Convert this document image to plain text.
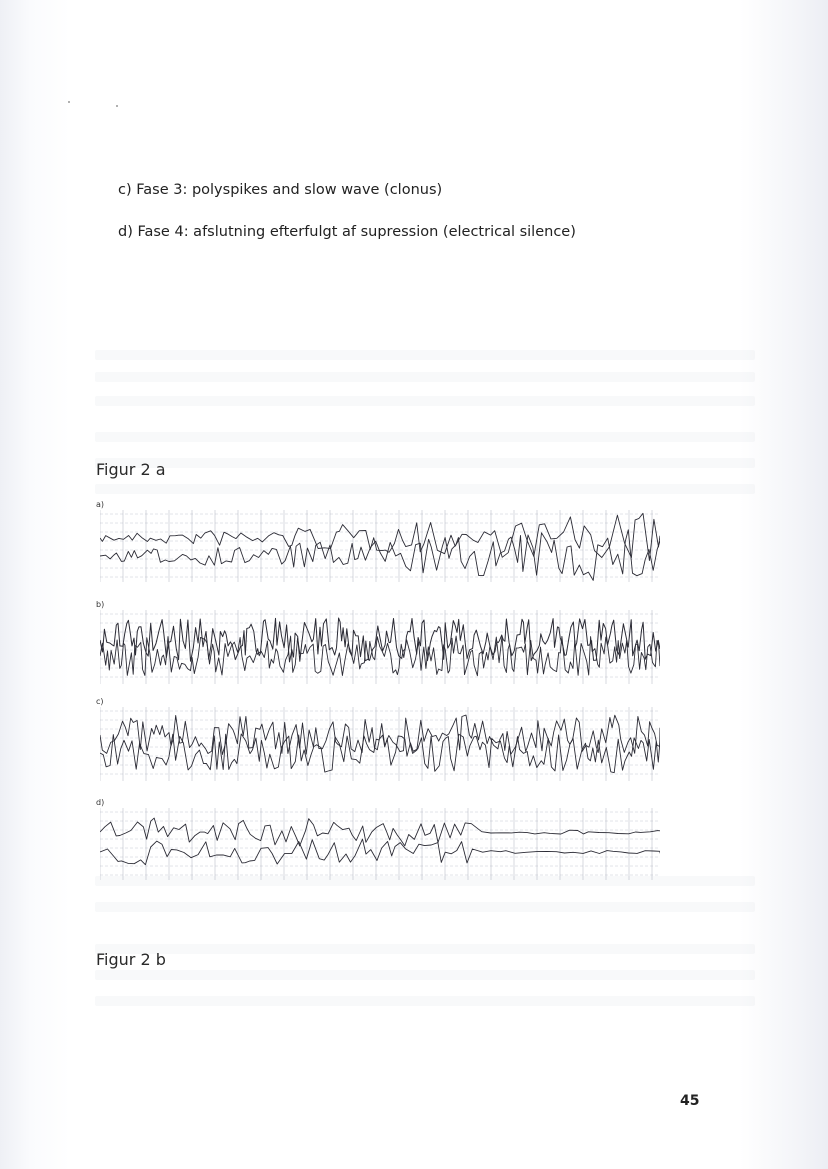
c) Fase 3: polyspikes and slow wave (clonus)
d) Fase 4: afslutning efterfulgt af supression (electrical silence)
Figur 2 a
a)
b)
c)
d)
Figur 2 b
45
